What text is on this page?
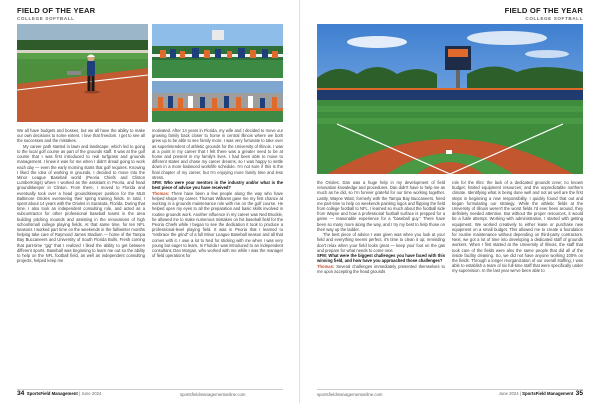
FIELD OF THE YEAR
COLLEGE SOFTBALL

We all have budgets and bosses, but we all have the ability to make our own decisions to some extent. I love that freedom. I get to see all the successes and the mistakes.

My career path started in lawn and landscape, which led to going to the local golf course as part of the grounds staff. It was at the golf course that I was first introduced to real turfgrass and grounds management. I knew it was for me when I didn't dread going to work each day — even the early morning starts that golf requires. Knowing I liked the idea of working in grounds, I decided to move into the Minor League Baseball world (Peoria Chiefs and Clinton LumberKings) where I worked as the assistant in Peoria, and head groundskeeper in Clinton. From there, I moved to Florida and eventually took over a head groundskeeper position for the MLB Baltimore Orioles overseeing their spring training fields. In total, I spent about 14 years with the Orioles in Sarasota, Florida. During that time, I also took an independent consulting role, and acted as a subcontractor for other professional baseball teams in the area building pitching mounds and assisting in the renovations of high school/small college playing fields. At that same time, for ten NFL seasons I worked part time on the weekends in the fall/winter months helping take care of Raymond James Stadium — home of the Tampa Bay Buccaneers and University of South Florida Bulls. Fresh coming that part-time “gig” that I realized I liked the ability to get between different sports. Baseball was beginning to learn me out so the ability to help on the NFL football field, as well as independent consulting projects, helped keep me

motivated. After 14 years in Florida, my wife and I decided to move our growing family back closer to home in central Illinois where we both grew up to be able to see family more. I was very fortunate to take over as superintendent of athletic grounds for the University of Illinois. I was at a point in my career that I felt there was a greater need to be at home and present in my family's lives. I had been able to move to different states and chase my career dreams, so I was happy to settle down in a more balanced work/life schedule. I'm not sure if this is the final chapter of my career, but I'm enjoying more family time and less stress.

SFM: Who were your mentors in the industry and/or what is the best piece of advice you have received?

Thomas: There have been a few people along the way who have helped shape my career. Thomas Williams gave me my first chance at working in a grounds maintenance role with me on the golf course. He helped open my eyes to all the preparation and basic skills involved in routine grounds work. Another influence in my career was Ned Bruckle, he allowed me to make numerous mistakes on his baseball field for the Peoria Chiefs while I began to see the dedication it took to produce a professional-level playing field. It was in Peoria that I learned to “embrace the grind” of a full Minor League Baseball season and all that comes with it. I owe a lot to Ned for sticking with me when I was very young but eager to learn. In Florida I was introduced to an independent consultant, Dan Morgan, who worked with me while I was the manager of field operations for

34 SportsField Management | June 2024	sportsfieldmanagementonline.com
FIELD OF THE YEAR
COLLEGE SOFTBALL

the Orioles. Dan was a huge help in my development of field renovation knowledge and procedures. Dan didn't have to help me as much as he did, so I'm forever grateful for our time working together. Lastly, Wayne Wiatr, formerly with the Tampa Bay Buccaneers, hired me part-time to help on weekends painting logos and flipping the field from college football to NFL. I learned so much about the football side from Wayne and how a professional football surface is prepped for a game — reasonable experience for a “baseball guy.” There have been so many more along the way, and I try my best to help those on their way up the ladder.

The best piece of advice I was given was when you look at your field and everything seems perfect, it's time to clean it up; reminding don't relax when your field looks great — keep your foot on the gas and prepare for what needs to come next.

SFM: What were the biggest challenges you have faced with this winning field, and how have you approached those challenges?

Thomas: Several challenges immediately presented themselves to me upon accepting the head grounds

role for the Illini: the lack of a dedicated grounds crew; no known budget; limited equipment resources; and the unpredictable northern climate. Identifying what is being done well and not as well are the first steps in beginning a new responsibility. I quickly found that out and began formulating our strategy. While the athletic fields at the University of Illinois weren't the worst fields I'd ever been around, they definitely needed attention. But without the proper resources, it would be a futile attempt. Working with administration, I started with getting equipment. We worked creatively to either lease or purchase new equipment on a small budget. This allowed me to create a foundation for routine maintenance without depending on third-party contractors. Next, we got a lot of time into developing a dedicated staff of grounds workers. When I first started at the University of Illinois, the staff that took care of the fields were also the same people that did all of the inside facility cleaning. So, we did not have anyone working 100% on the fields. Through a longer reorganization of our overall staffing, I was able to establish a team of six full-time staff that were specifically under my supervision. In the last year we've been able to

sportsfieldmanagementonline.com	June 2024 | SportsField Management 35
